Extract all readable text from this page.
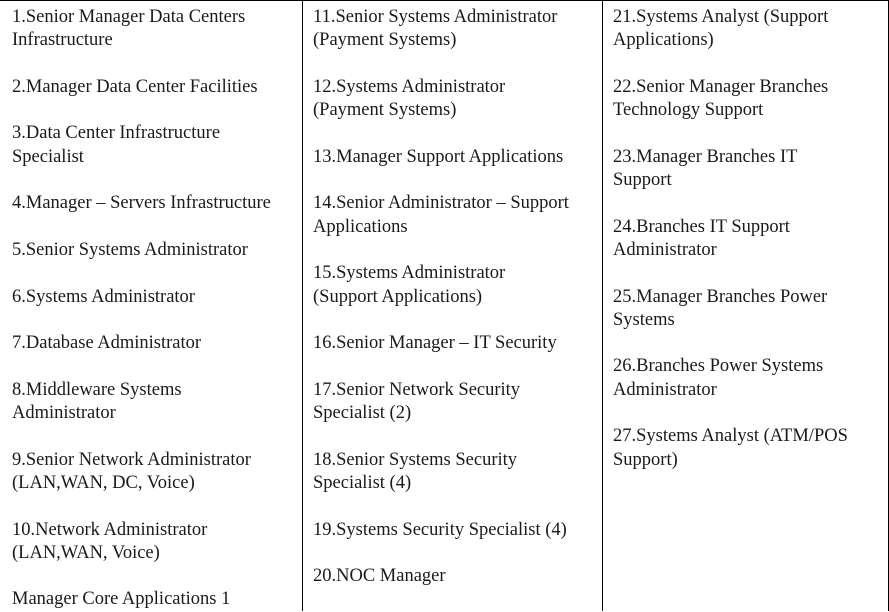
1.Senior Manager Data Centers
Infrastructure
2.Manager Data Center Facilities
3.Data Center Infrastructure
Specialist
4.Manager – Servers Infrastructure
5.Senior Systems Administrator
6.Systems Administrator
7.Database Administrator
8.Middleware Systems
Administrator
9.Senior Network Administrator
(LAN,WAN, DC, Voice)
10.Network Administrator
(LAN,WAN, Voice)
Manager Core Applications 1
11.Senior Systems Administrator
(Payment Systems)
12.Systems Administrator
(Payment Systems)
13.Manager Support Applications
14.Senior Administrator – Support
Applications
15.Systems Administrator
(Support Applications)
16.Senior Manager – IT Security
17.Senior Network Security
Specialist (2)
18.Senior Systems Security
Specialist (4)
19.Systems Security Specialist (4)
20.NOC Manager
21.Systems Analyst (Support
Applications)
22.Senior Manager Branches
Technology Support
23.Manager Branches IT
Support
24.Branches IT Support
Administrator
25.Manager Branches Power
Systems
26.Branches Power Systems
Administrator
27.Systems Analyst (ATM/POS
Support)
